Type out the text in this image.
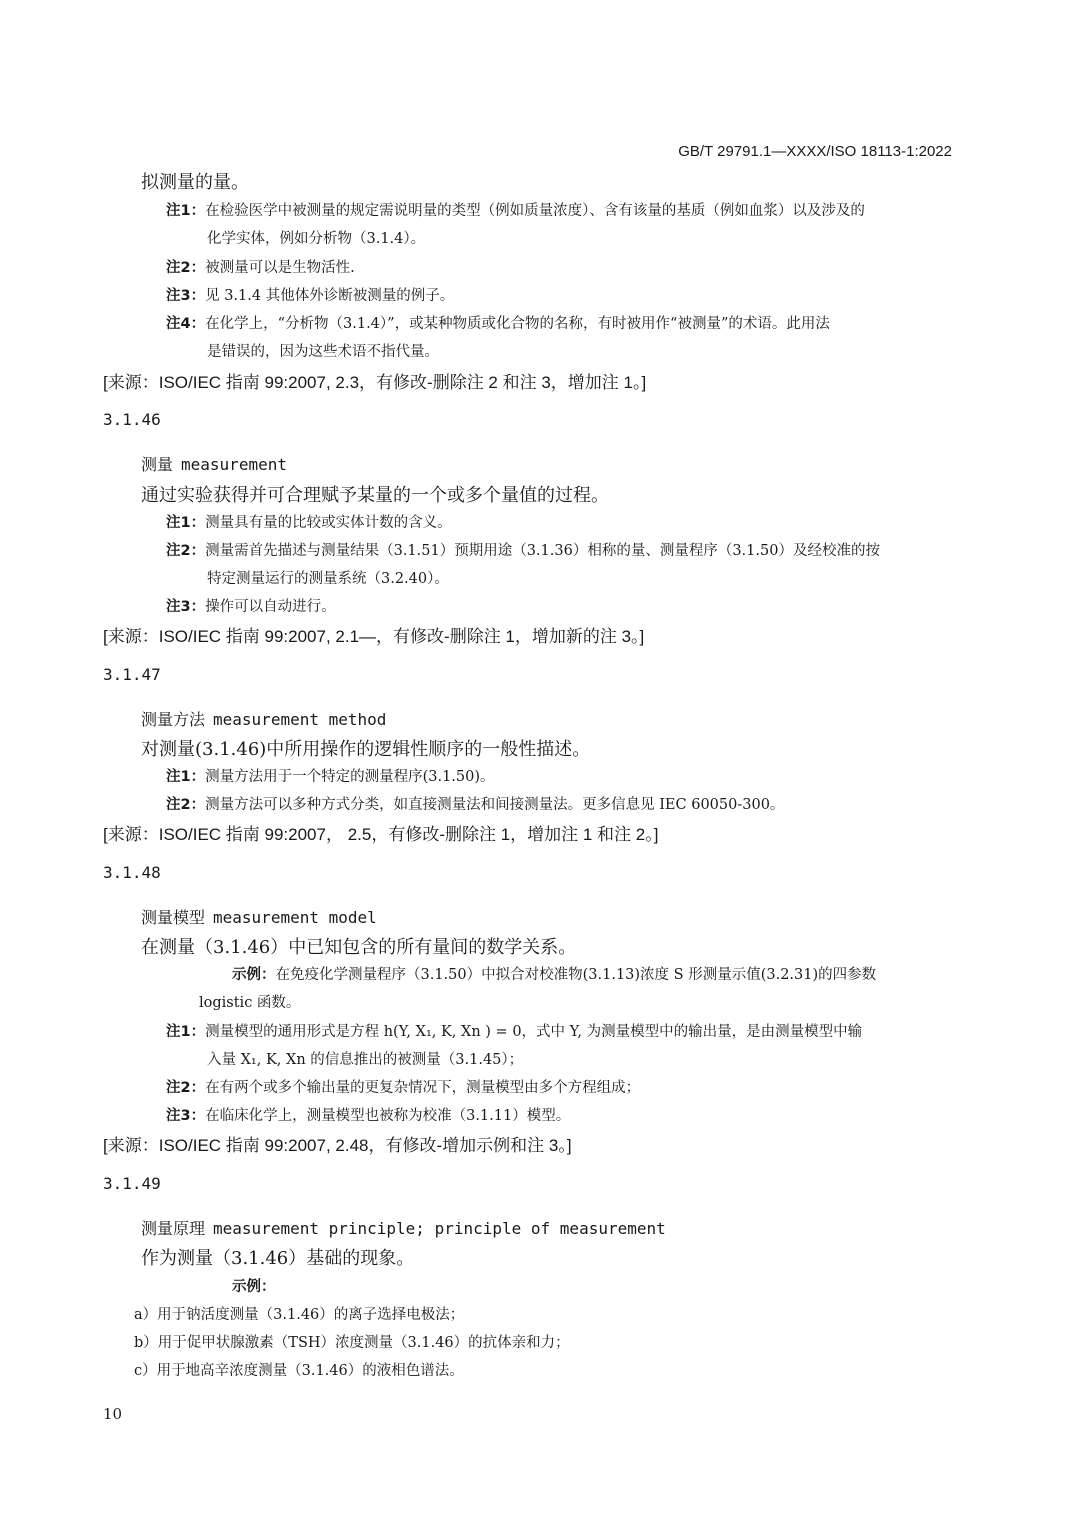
GB/T 29791.1—XXXX/ISO 18113-1:2022
拟测量的量。
注1：在检验医学中被测量的规定需说明量的类型（例如质量浓度）、含有该量的基质（例如血浆）以及涉及的
化学实体，例如分析物（3.1.4）。
注2：被测量可以是生物活性.
注3：见 3.1.4 其他体外诊断被测量的例子。
注4：在化学上，“分析物（3.1.4）”，或某种物质或化合物的名称，有时被用作“被测量”的术语。此用法
是错误的，因为这些术语不指代量。
[来源：ISO/IEC 指南 99:2007, 2.3，有修改-删除注 2 和注 3，增加注 1。]
3.1.46
测量 measurement
通过实验获得并可合理赋予某量的一个或多个量值的过程。
注1：测量具有量的比较或实体计数的含义。
注2：测量需首先描述与测量结果（3.1.51）预期用途（3.1.36）相称的量、测量程序（3.1.50）及经校准的按
特定测量运行的测量系统（3.2.40）。
注3：操作可以自动进行。
[来源：ISO/IEC 指南 99:2007, 2.1—，有修改-删除注 1，增加新的注 3。]
3.1.47
测量方法 measurement method
对测量(3.1.46)中所用操作的逻辑性顺序的一般性描述。
注1：测量方法用于一个特定的测量程序(3.1.50)。
注2：测量方法可以多种方式分类，如直接测量法和间接测量法。更多信息见 IEC 60050-300。
[来源：ISO/IEC 指南 99:2007， 2.5，有修改-删除注 1，增加注 1 和注 2。]
3.1.48
测量模型 measurement model
在测量（3.1.46）中已知包含的所有量间的数学关系。
示例：在免疫化学测量程序（3.1.50）中拟合对校准物(3.1.13)浓度 S 形测量示值(3.2.31)的四参数
logistic 函数。
注1：测量模型的通用形式是方程 h(Y, X₁, K, Xn ) = 0，式中 Y, 为测量模型中的输出量，是由测量模型中输
入量 X₁, K, Xn 的信息推出的被测量（3.1.45）；
注2：在有两个或多个输出量的更复杂情况下，测量模型由多个方程组成；
注3：在临床化学上，测量模型也被称为校准（3.1.11）模型。
[来源：ISO/IEC 指南 99:2007, 2.48，有修改-增加示例和注 3。]
3.1.49
测量原理 measurement principle; principle of measurement
作为测量（3.1.46）基础的现象。
示例：
a）用于钠活度测量（3.1.46）的离子选择电极法；
b）用于促甲状腺激素（TSH）浓度测量（3.1.46）的抗体亲和力；
c）用于地高辛浓度测量（3.1.46）的液相色谱法。
10
